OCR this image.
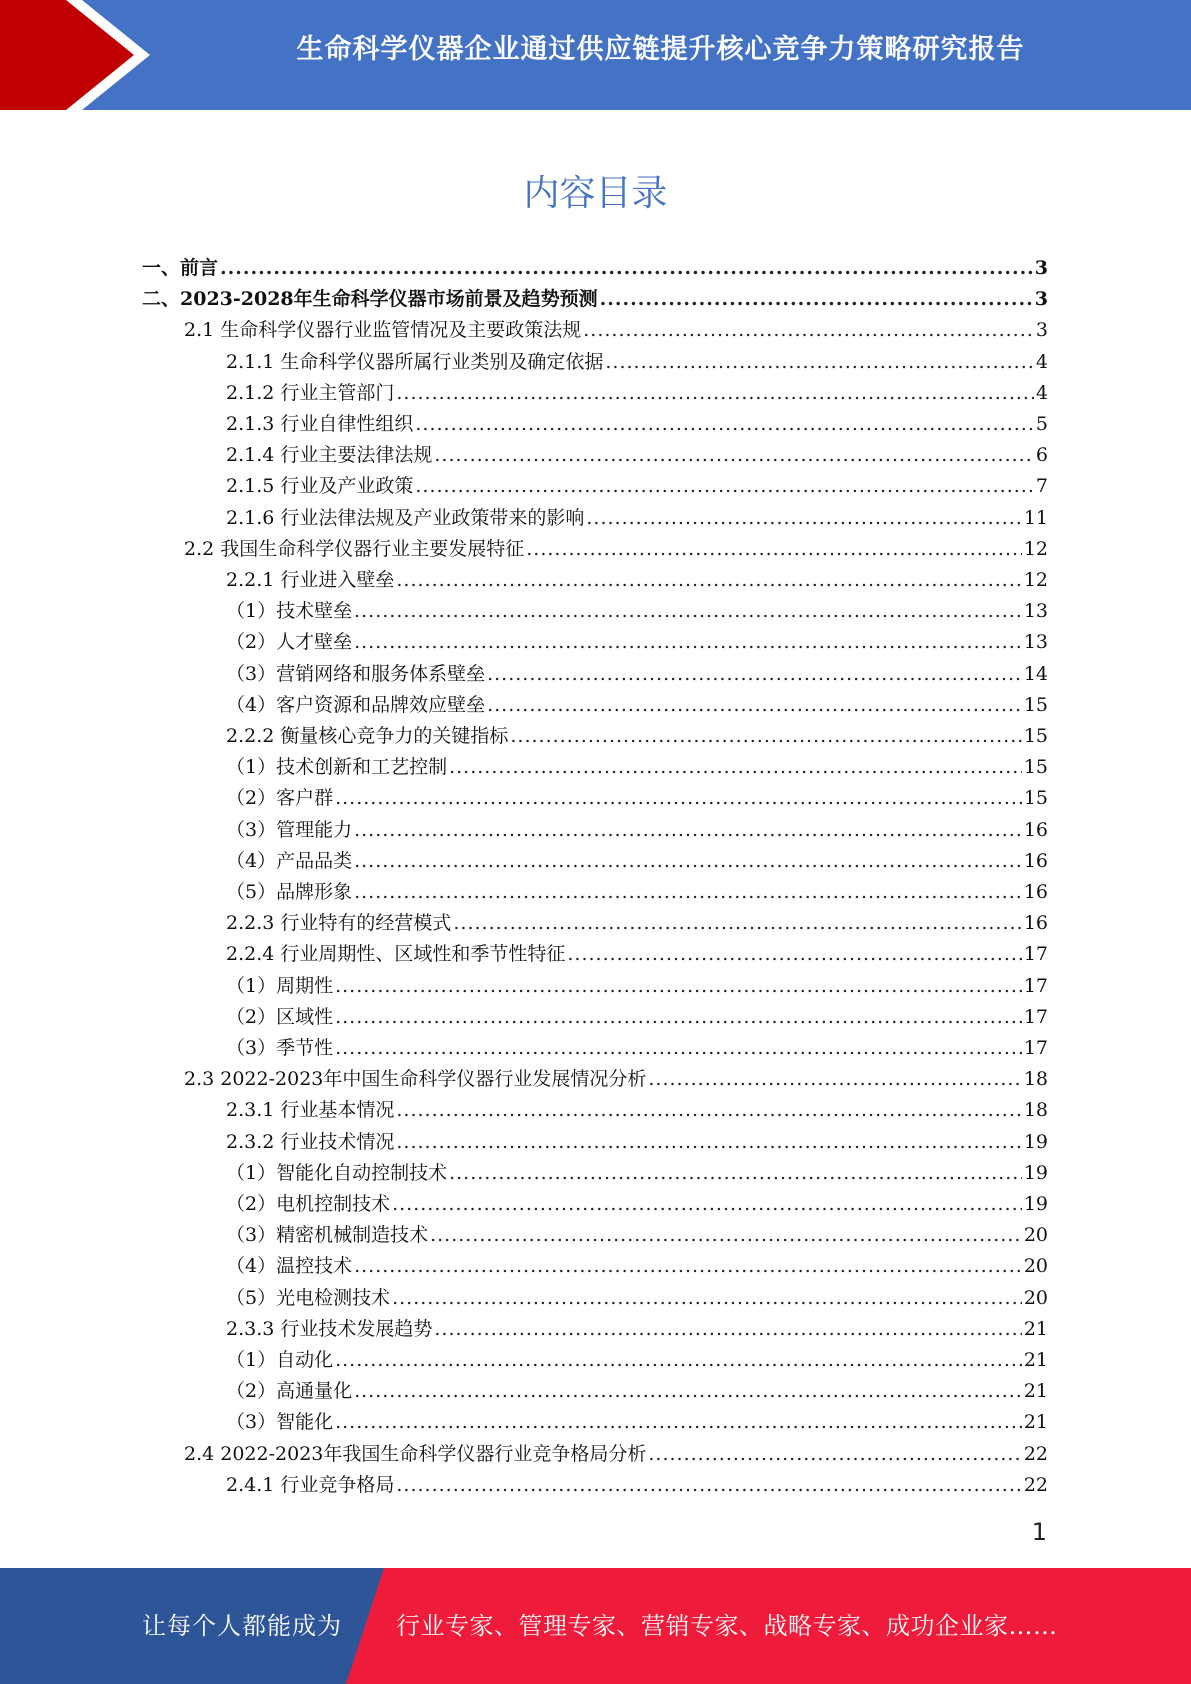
生命科学仪器企业通过供应链提升核心竞争力策略研究报告
内容目录
一、前言 .....	3
二、2023-2028年生命科学仪器市场前景及趋势预测 .....	3
2.1 生命科学仪器行业监管情况及主要政策法规 .....	3
2.1.1 生命科学仪器所属行业类别及确定依据 .....	4
2.1.2 行业主管部门 .....	4
2.1.3 行业自律性组织 .....	5
2.1.4 行业主要法律法规 .....	6
2.1.5 行业及产业政策 .....	7
2.1.6 行业法律法规及产业政策带来的影响 .....	11
2.2 我国生命科学仪器行业主要发展特征 .....	12
2.2.1 行业进入壁垒 .....	12
（1）技术壁垒 .....	13
（2）人才壁垒 .....	13
（3）营销网络和服务体系壁垒 .....	14
（4）客户资源和品牌效应壁垒 .....	15
2.2.2 衡量核心竞争力的关键指标 .....	15
（1）技术创新和工艺控制 .....	15
（2）客户群 .....	15
（3）管理能力 .....	16
（4）产品品类 .....	16
（5）品牌形象 .....	16
2.2.3 行业特有的经营模式 .....	16
2.2.4 行业周期性、区域性和季节性特征 .....	17
（1）周期性 .....	17
（2）区域性 .....	17
（3）季节性 .....	17
2.3 2022-2023年中国生命科学仪器行业发展情况分析 .....	18
2.3.1 行业基本情况 .....	18
2.3.2 行业技术情况 .....	19
（1）智能化自动控制技术 .....	19
（2）电机控制技术 .....	19
（3）精密机械制造技术 .....	20
（4）温控技术 .....	20
（5）光电检测技术 .....	20
2.3.3 行业技术发展趋势 .....	21
（1）自动化 .....	21
（2）高通量化 .....	21
（3）智能化 .....	21
2.4 2022-2023年我国生命科学仪器行业竞争格局分析 .....	22
2.4.1 行业竞争格局 .....	22
1
让每个人都能成为 行业专家、管理专家、营销专家、战略专家、成功企业家……
